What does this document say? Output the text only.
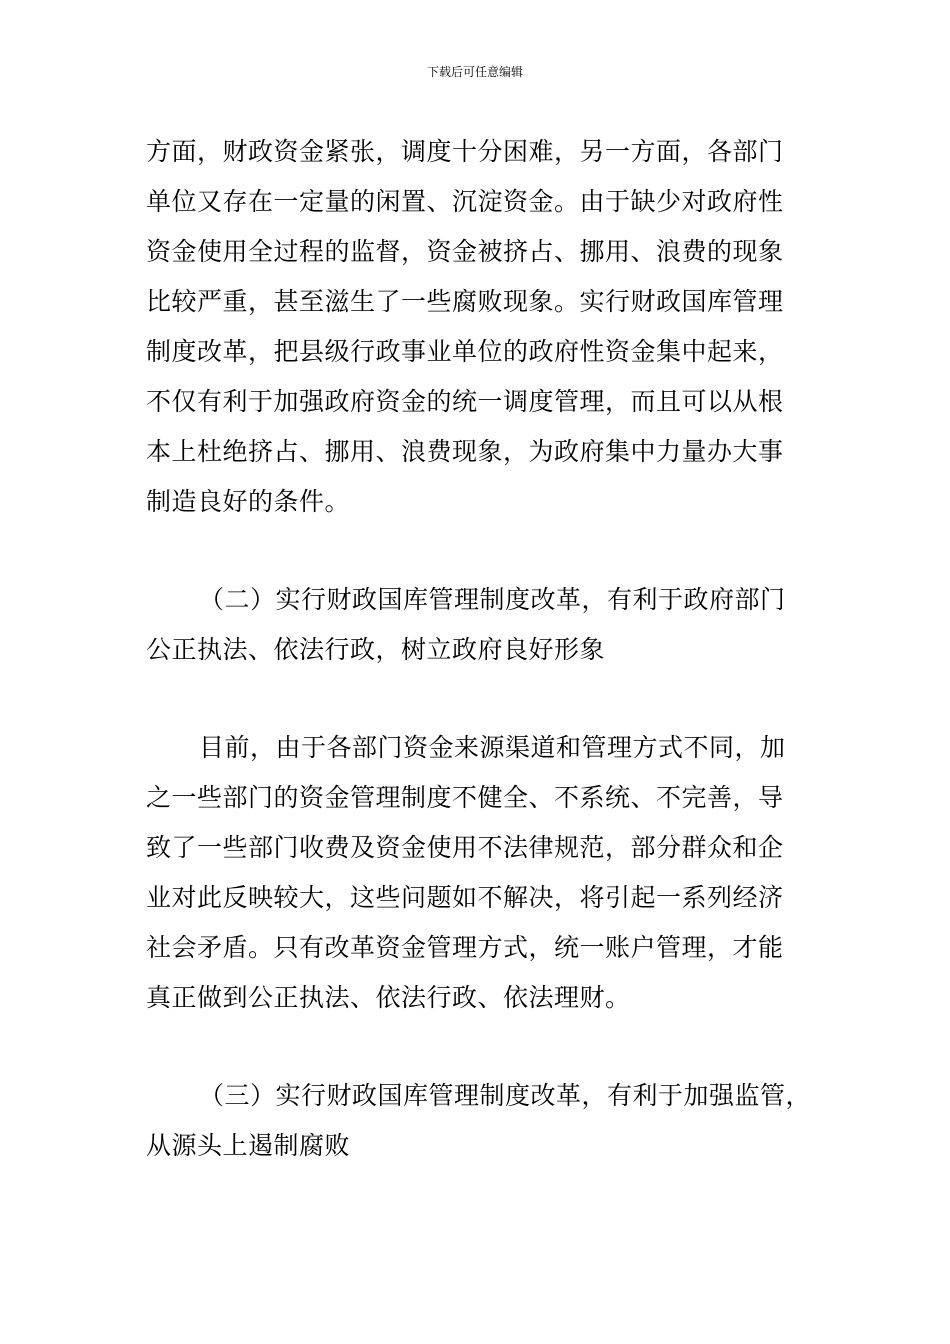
下载后可任意编辑
方面，财政资金紧张，调度十分困难，另一方面，各部门
单位又存在一定量的闲置、沉淀资金。由于缺少对政府性
资金使用全过程的监督，资金被挤占、挪用、浪费的现象
比较严重，甚至滋生了一些腐败现象。实行财政国库管理
制度改革，把县级行政事业单位的政府性资金集中起来，
不仅有利于加强政府资金的统一调度管理，而且可以从根
本上杜绝挤占、挪用、浪费现象，为政府集中力量办大事
制造良好的条件。
（二）实行财政国库管理制度改革，有利于政府部门
公正执法、依法行政，树立政府良好形象
目前，由于各部门资金来源渠道和管理方式不同，加
之一些部门的资金管理制度不健全、不系统、不完善，导
致了一些部门收费及资金使用不法律规范，部分群众和企
业对此反映较大，这些问题如不解决，将引起一系列经济
社会矛盾。只有改革资金管理方式，统一账户管理，才能
真正做到公正执法、依法行政、依法理财。
（三）实行财政国库管理制度改革，有利于加强监管，
从源头上遏制腐败
